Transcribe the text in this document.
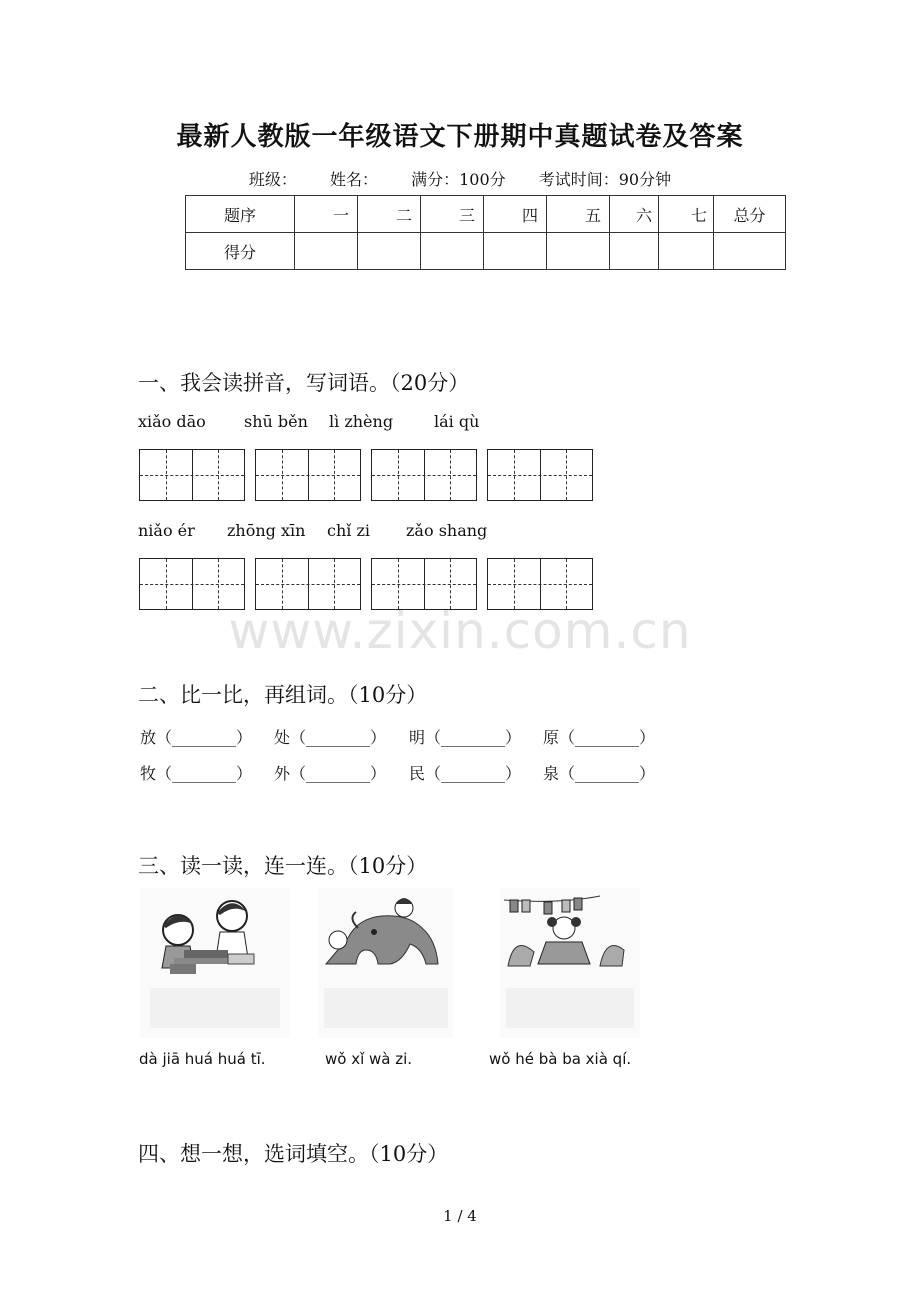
最新人教版一年级语文下册期中真题试卷及答案
班级： 姓名： 满分：100分 考试时间：90分钟
题序	一	二	三	四	五	六	七	总分
得分								
一、我会读拼音，写词语。（20分）
xiǎo dāo shū běn lì zhèng	lái qù
niǎo ér zhōng xīn chǐ zi zǎo shang
www.zixin.com.cn
二、比一比，再组词。（10分）
放（________） 处（________） 明（________） 原（________）
牧（________） 外（________） 民（________） 泉（________）
三、读一读，连一连。（10分）
dà jiā huá huá tī.	wǒ xǐ wà zi.	wǒ hé bà ba xià qí.
四、想一想，选词填空。（10分）
1 / 4
